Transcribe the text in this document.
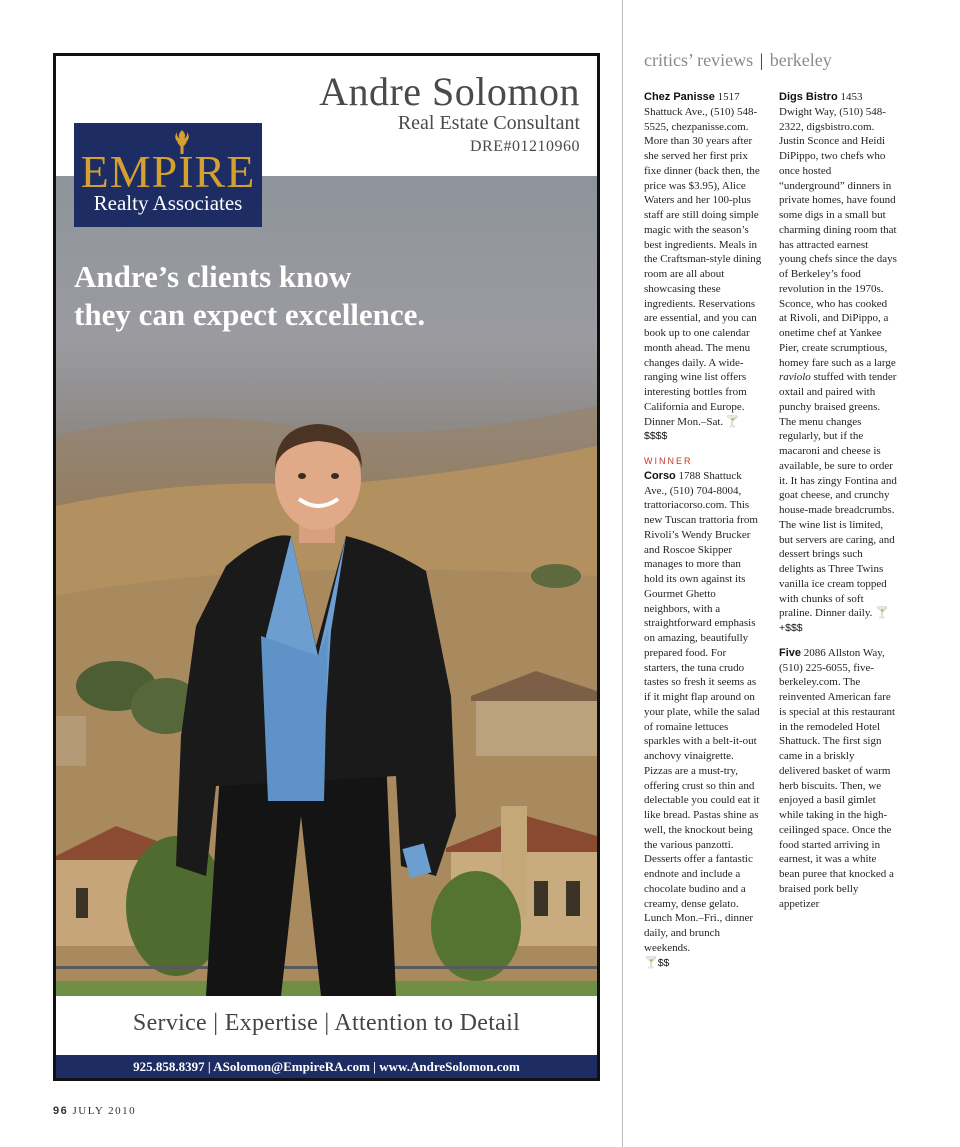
Andre Solomon
Real Estate Consultant
DRE#01210960
EMPIRE
Realty Associates
Andre’s clients know
they can expect excellence.
Service | Expertise | Attention to Detail
925.858.8397 | ASolomon@EmpireRA.com | www.AndreSolomon.com
96 JULY 2010
critics’ reviews | berkeley

Chez Panisse 1517 Shattuck Ave., (510) 548-5525, chezpanisse.com. More than 30 years after she served her first prix fixe dinner (back then, the price was $3.95), Alice Waters and her 100-plus staff are still doing simple magic with the season’s best ingredients. Meals in the Craftsman-style dining room are all about showcasing these ingredients. Reservations are essential, and you can book up to one calendar month ahead. The menu changes daily. A wide-ranging wine list offers interesting bottles from California and Europe. Dinner Mon.–Sat. 🍸$$$$

WINNER
Corso 1788 Shattuck Ave., (510) 704-8004, trattoriacorso.com. This new Tuscan trattoria from Rivoli’s Wendy Brucker and Roscoe Skipper manages to more than hold its own against its Gourmet Ghetto neighbors, with a straightforward emphasis on amazing, beautifully prepared food. For starters, the tuna crudo tastes so fresh it seems as if it might flap around on your plate, while the salad of romaine lettuces sparkles with a belt-it-out anchovy vinaigrette. Pizzas are a must-try, offering crust so thin and delectable you could eat it like bread. Pastas shine as well, the knockout being the various panzotti. Desserts offer a fantastic endnote and include a chocolate budino and a creamy, dense gelato. Lunch Mon.–Fri., dinner daily, and brunch weekends.
🍸$$

Digs Bistro 1453 Dwight Way, (510) 548-2322, digsbistro.com. Justin Sconce and Heidi DiPippo, two chefs who once hosted “underground” dinners in private homes, have found some digs in a small but charming dining room that has attracted earnest young chefs since the days of Berkeley’s food revolution in the 1970s. Sconce, who has cooked at Rivoli, and DiPippo, a onetime chef at Yankee Pier, create scrumptious, homey fare such as a large raviolo stuffed with tender oxtail and paired with punchy braised greens. The menu changes regularly, but if the macaroni and cheese is available, be sure to order it. It has zingy Fontina and goat cheese, and crunchy house-made breadcrumbs. The wine list is limited, but servers are caring, and dessert brings such delights as Three Twins vanilla ice cream topped with chunks of soft praline. Dinner daily. 🍸+$$$

Five 2086 Allston Way, (510) 225-6055, five-berkeley.com. The reinvented American fare is special at this restaurant in the remodeled Hotel Shattuck. The first sign came in a briskly delivered basket of warm herb biscuits. Then, we enjoyed a basil gimlet while taking in the high-ceilinged space. Once the food started arriving in earnest, it was a white bean puree that knocked a braised pork belly appetizer
